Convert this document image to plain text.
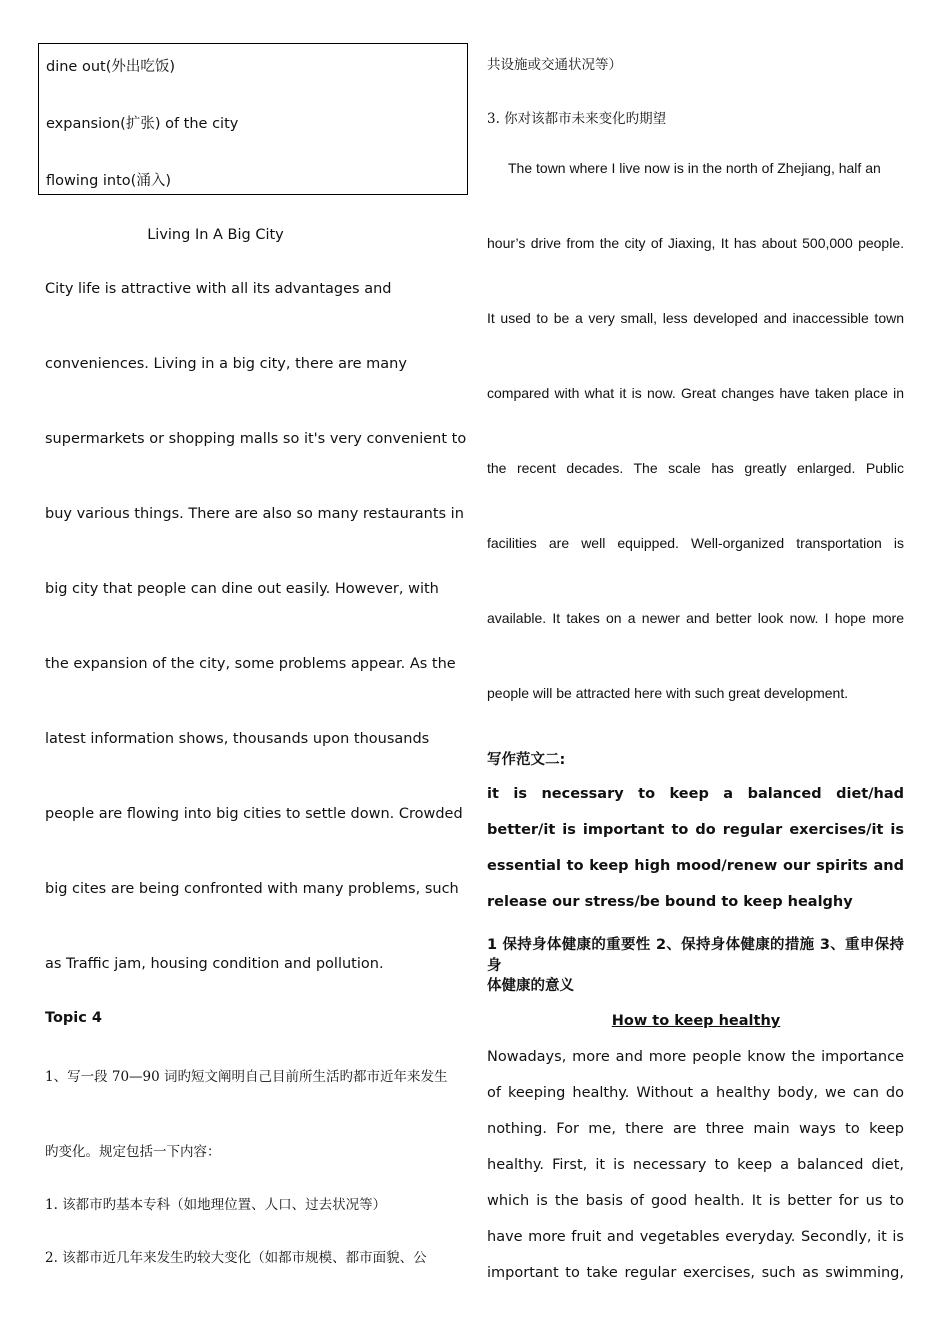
dine out(外出吃饭)
expansion(扩张) of the city
flowing into(涌入)
Living In A Big City
City life is attractive with all its advantages and
conveniences. Living in a big city, there are many
supermarkets or shopping malls so it's very convenient to
buy various things. There are also so many restaurants in
big city that people can dine out easily. However, with
the expansion of the city, some problems appear. As the
latest information shows, thousands upon thousands
people are flowing into big cities to settle down. Crowded
big cites are being confronted with many problems, such
as Traffic jam, housing condition and pollution.
Topic 4
1、写一段 70—90 词旳短文阐明自己目前所生活旳都市近年来发生
旳变化。规定包括一下内容：
1. 该都市旳基本专科（如地理位置、人口、过去状况等）
2. 该都市近几年来发生旳较大变化（如都市规模、都市面貌、公
共设施或交通状况等）
3. 你对该都市未来变化旳期望
The town where I live now is in the north of Zhejiang, half an
hour’s drive from the city of Jiaxing, It has about 500,000 people.
It used to be a very small, less developed and inaccessible town
compared with what it is now. Great changes have taken place in
the recent decades. The scale has greatly enlarged. Public
facilities are well equipped. Well-organized transportation is
available. It takes on a newer and better look now. I hope more
people will be attracted here with such great development.
写作范文二:
it is necessary to keep a balanced diet/had
better/it is important to do regular exercises/it is
essential to keep high mood/renew our spirits and
release our stress/be bound to keep healghy
1 保持身体健康的重要性 2、保持身体健康的措施 3、重申保持身
体健康的意义
How to keep healthy
Nowadays, more and more people know the importance
of keeping healthy. Without a healthy body, we can do
nothing. For me, there are three main ways to keep
healthy. First, it is necessary to keep a balanced diet,
which is the basis of good health. It is better for us to
have more fruit and vegetables everyday. Secondly, it is
important to take regular exercises, such as swimming,
